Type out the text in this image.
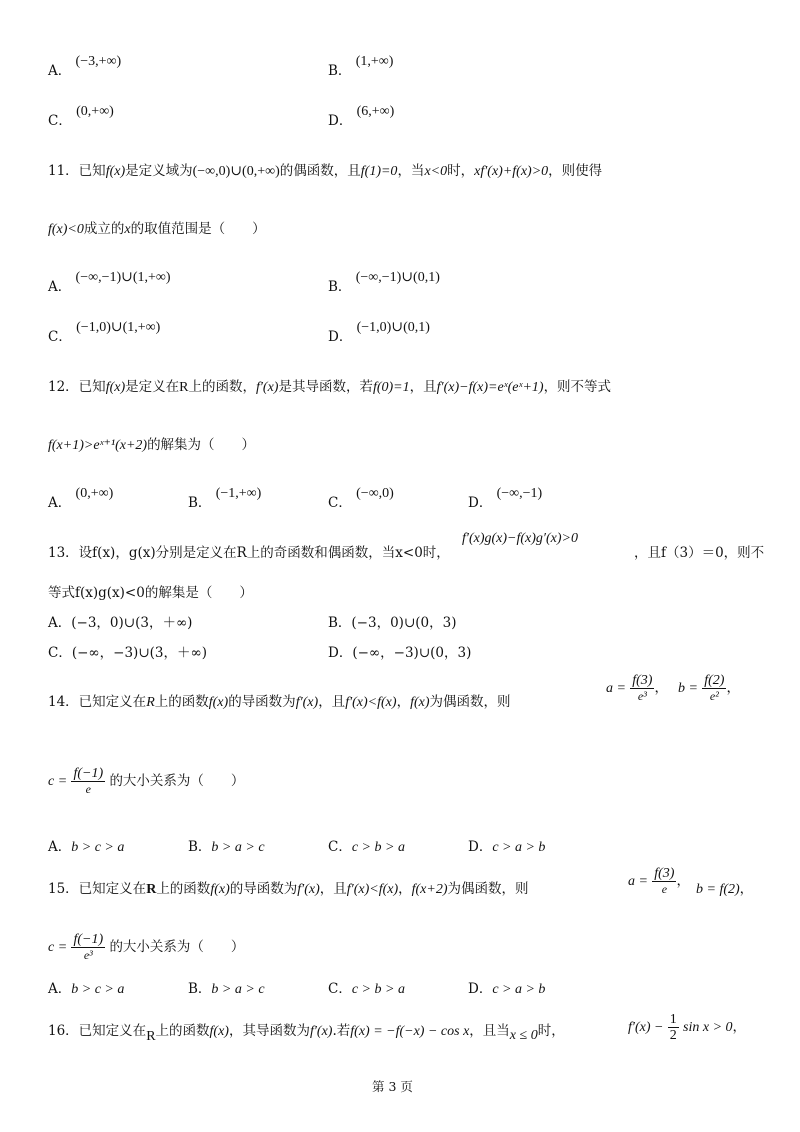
A． (−3,+∞)
B． (1,+∞)
C． (0,+∞)
D． (6,+∞)
11．已知f(x)是定义域为(−∞,0)∪(0,+∞)的偶函数，且f(1)=0，当x<0时，xf′(x)+f(x)>0，则使得
f(x)<0成立的x的取值范围是（　　）
A． (−∞,−1)∪(1,+∞)
B． (−∞,−1)∪(0,1)
C． (−1,0)∪(1,+∞)
D． (−1,0)∪(0,1)
12．已知f(x)是定义在R上的函数，f′(x)是其导函数，若f(0)=1，且f′(x)−f(x)=eˣ(eˣ+1)，则不等式
f(x+1)>eˣ⁺¹(x+2)的解集为（　　）
A． (0,+∞)
B． (−1,+∞)
C． (−∞,0)
D． (−∞,−1)
13．设f(x)，g(x)分别是定义在R上的奇函数和偶函数，当x<0时，
f′(x)g(x)−f(x)g′(x)>0
，且f（3）＝0，则不
等式f(x)g(x)<0的解集是（　　）
A．(−3，0)∪(3，＋∞)	B．(−3，0)∪(0，3)
C．(−∞，−3)∪(3，＋∞)	D．(−∞，−3)∪(0，3)
14．已知定义在R上的函数f(x)的导函数为f′(x)，且f′(x)<f(x)，f(x)为偶函数，则
$a = \frac{f(3)}{\text{e³}}$ ， $b = \frac{f(2)}{\text{e²}}$ ，
$c = \frac{f(-1)}{e}$ 的大小关系为（　　）
A．b > c > a	B．b > a > c	C．c > b > a	D．c > a > b
15．已知定义在R上的函数f(x)的导函数为f′(x)，且f′(x)<f(x)，f(x+2)为偶函数，则	$a = \frac{f(3)}{e}$ ，
b = f(2)，
$c = \frac{f(-1)}{\text{e³}}$ 的大小关系为（　　）
A．b > c > a	B．b > a > c	C．c > b > a	D．c > a > b
16．已知定义在R上的函数f(x)，其导函数为f′(x).若f(x) = −f(−x) − cos x，且当x ≤ 0时，	$f'(x) - \frac{1}{2}$ sin x > 0，
第 3 页
